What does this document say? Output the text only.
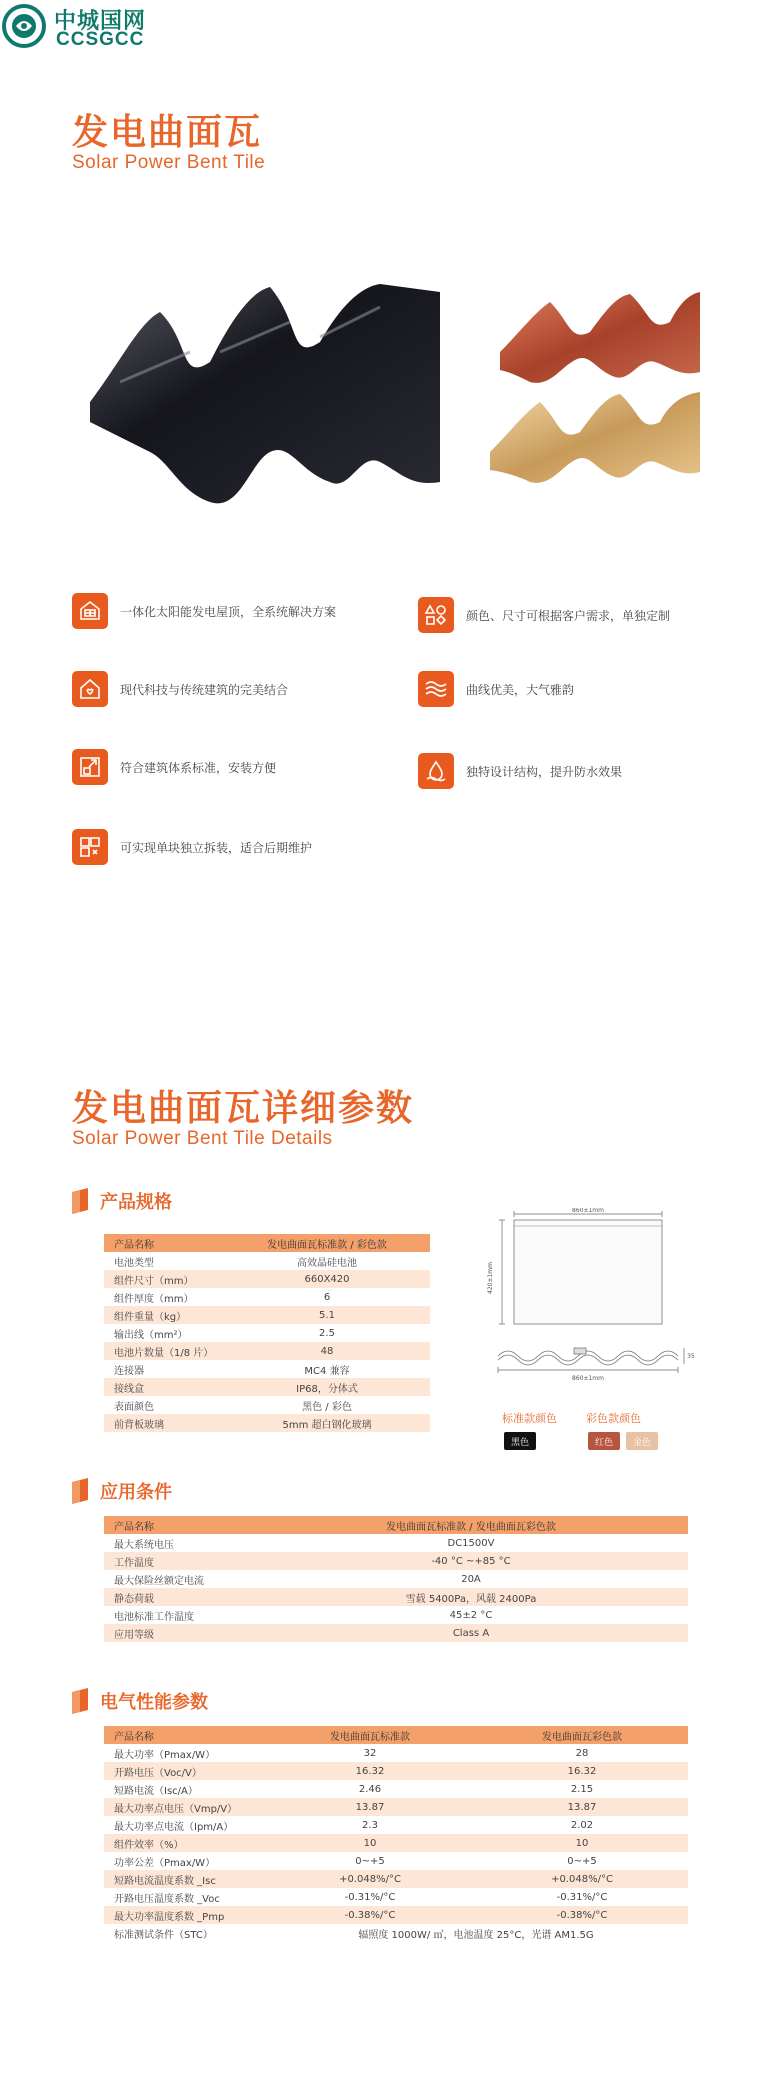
中城国网
CCSGCC
发电曲面瓦
Solar Power Bent Tile
一体化太阳能发电屋顶，全系统解决方案	颜色、尺寸可根据客户需求，单独定制
现代科技与传统建筑的完美结合	曲线优美，大气雅韵
符合建筑体系标准，安装方便	独特设计结构，提升防水效果
可实现单块独立拆装，适合后期维护
发电曲面瓦详细参数
Solar Power Bent Tile Details
产品规格
产品名称	发电曲面瓦标准款 / 彩色款
电池类型	高效晶硅电池
组件尺寸（mm）	660X420
组件厚度（mm）	6
组件重量（kg）	5.1
输出线（mm²）	2.5
电池片数量（1/8 片）	48
连接器	MC4 兼容
接线盒	IP68，分体式
表面颜色	黑色 / 彩色
前背板玻璃	5mm 超白钢化玻璃
860±1mm
420±1mm
860±1mm
35
标准款颜色	彩色款颜色
黑色	红色	金色
应用条件
产品名称	发电曲面瓦标准款 / 发电曲面瓦彩色款
最大系统电压	DC1500V
工作温度	-40 °C ~+85 °C
最大保险丝额定电流	20A
静态荷载	雪载 5400Pa，风载 2400Pa
电池标准工作温度	45±2 °C
应用等级	Class A
电气性能参数
产品名称	发电曲面瓦标准款	发电曲面瓦彩色款
最大功率（Pmax/W）	32	28
开路电压（Voc/V）	16.32	16.32
短路电流（Isc/A）	2.46	2.15
最大功率点电压（Vmp/V）	13.87	13.87
最大功率点电流（Ipm/A）	2.3	2.02
组件效率（%）	10	10
功率公差（Pmax/W）	0~+5	0~+5
短路电流温度系数 _Isc	+0.048%/°C	+0.048%/°C
开路电压温度系数 _Voc	-0.31%/°C	-0.31%/°C
最大功率温度系数 _Pmp	-0.38%/°C	-0.38%/°C
标准测试条件（STC）	辐照度 1000W/ ㎡，电池温度 25°C，光谱 AM1.5G	
